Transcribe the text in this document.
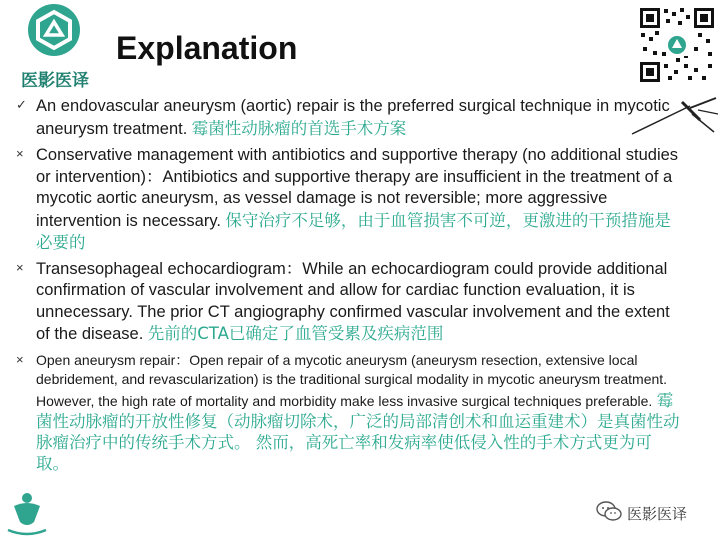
医影医译
Explanation
✓ An endovascular aneurysm (aortic) repair is the preferred surgical technique in mycotic aneurysm treatment. 霉菌性动脉瘤的首选手术方案
× Conservative management with antibiotics and supportive therapy (no additional studies or intervention)：Antibiotics and supportive therapy are insufficient in the treatment of a mycotic aortic aneurysm, as vessel damage is not reversible; more aggressive intervention is necessary. 保守治疗不足够，由于血管损害不可逆，更激进的干预措施是必要的
× Transesophageal echocardiogram：While an echocardiogram could provide additional confirmation of vascular involvement and allow for cardiac function evaluation, it is unnecessary. The prior CT angiography confirmed vascular involvement and the extent of the disease. 先前的CTA已确定了血管受累及疾病范围
× Open aneurysm repair：Open repair of a mycotic aneurysm (aneurysm resection, extensive local debridement, and revascularization) is the traditional surgical modality in mycotic aneurysm treatment. However, the high rate of mortality and morbidity make less invasive surgical techniques preferable. 霉菌性动脉瘤的开放性修复（动脉瘤切除术，广泛的局部清创术和血运重建术）是真菌性动脉瘤治疗中的传统手术方式。 然而，高死亡率和发病率使低侵入性的手术方式更为可取。
医影医译
